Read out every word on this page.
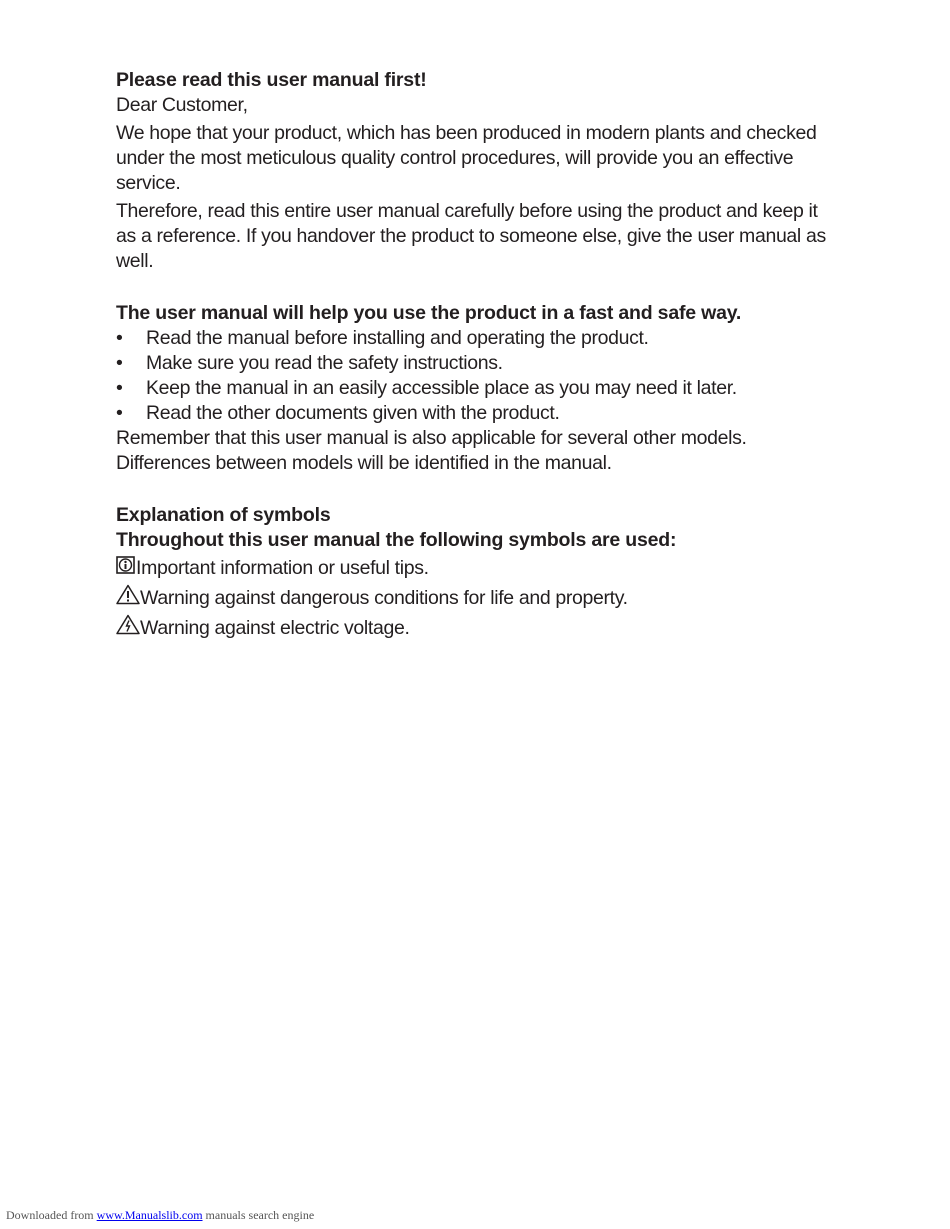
Please read this user manual first!

Dear Customer,

We hope that your product, which has been produced in modern plants and checked under the most meticulous quality control procedures, will provide you an effective service.

Therefore, read this entire user manual carefully before using the product and keep it as a reference. If you handover the product to someone else, give the user manual as well.

The user manual will help you use the product in a fast and safe way.

• Read the manual before installing and operating the product.
• Make sure you read the safety instructions.
• Keep the manual in an easily accessible place as you may need it later.
• Read the other documents given with the product.

Remember that this user manual is also applicable for several other models. Differences between models will be identified in the manual.

Explanation of symbols

Throughout this user manual the following symbols are used:

Important information or useful tips.
Warning against dangerous conditions for life and property.
Warning against electric voltage.
Downloaded from www.Manualslib.com manuals search engine
